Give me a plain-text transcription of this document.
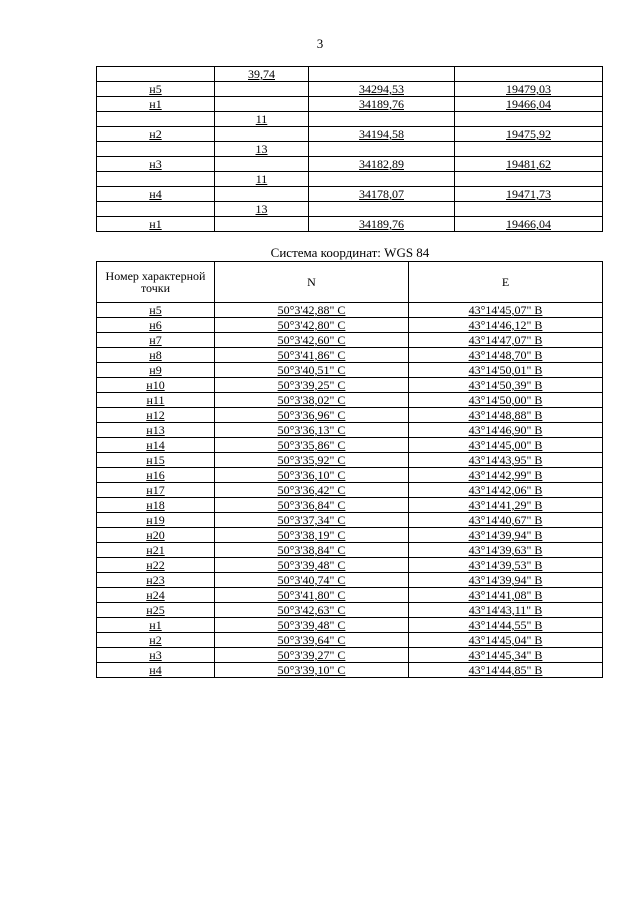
3
	39,74		
н5		34294,53	19479,03
н1		34189,76	19466,04
	11		
н2		34194,58	19475,92
	13		
н3		34182,89	19481,62
	11		
н4		34178,07	19471,73
	13		
н1		34189,76	19466,04
Система координат: WGS 84
Номер характерной точки	N	E
н5	50°3'42,88" С	43°14'45,07" В
н6	50°3'42,80" С	43°14'46,12" В
н7	50°3'42,60" С	43°14'47,07" В
н8	50°3'41,86" С	43°14'48,70" В
н9	50°3'40,51" С	43°14'50,01" В
н10	50°3'39,25" С	43°14'50,39" В
н11	50°3'38,02" С	43°14'50,00" В
н12	50°3'36,96" С	43°14'48,88" В
н13	50°3'36,13" С	43°14'46,90" В
н14	50°3'35,86" С	43°14'45,00" В
н15	50°3'35,92" С	43°14'43,95" В
н16	50°3'36,10" С	43°14'42,99" В
н17	50°3'36,42" С	43°14'42,06" В
н18	50°3'36,84" С	43°14'41,29" В
н19	50°3'37,34" С	43°14'40,67" В
н20	50°3'38,19" С	43°14'39,94" В
н21	50°3'38,84" С	43°14'39,63" В
н22	50°3'39,48" С	43°14'39,53" В
н23	50°3'40,74" С	43°14'39,94" В
н24	50°3'41,80" С	43°14'41,08" В
н25	50°3'42,63" С	43°14'43,11" В
н1	50°3'39,48" С	43°14'44,55" В
н2	50°3'39,64" С	43°14'45,04" В
н3	50°3'39,27" С	43°14'45,34" В
н4	50°3'39,10" С	43°14'44,85" В
